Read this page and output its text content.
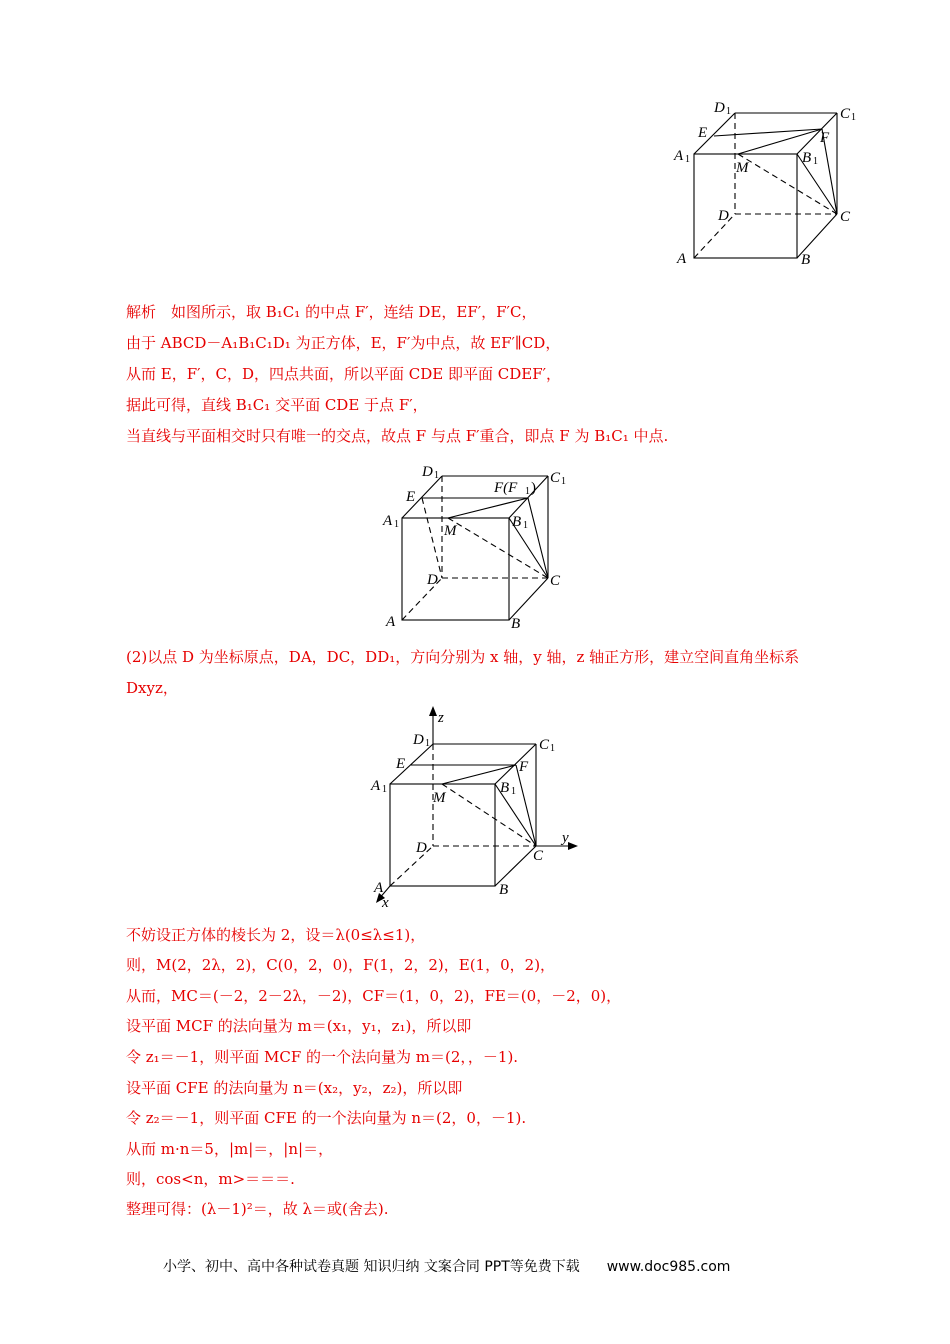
D 1	C 1
E	F
A 1
M
B 1
D	C
A	B
解析　如图所示，取 B₁C₁ 的中点 F′，连结 DE，EF′，F′C，
由于 ABCD－A₁B₁C₁D₁ 为正方体，E，F′为中点，故 EF′∥CD，
从而 E，F′，C，D，四点共面，所以平面 CDE 即平面 CDEF′，
据此可得，直线 B₁C₁ 交平面 CDE 于点 F′，
当直线与平面相交时只有唯一的交点，故点 F 与点 F′重合，即点 F 为 B₁C₁ 中点.
D 1	C 1
E
F(F 1 )
A 1	M
B 1
D	C
A	B
(2)以点 D 为坐标原点，DA，DC，DD₁，方向分别为 x 轴，y 轴，z 轴正方形，建立空间直角坐标系
Dxyz，
z
D 1	C 1
E	F
A 1
M
B 1
D
y
C
A
x
B
不妨设正方体的棱长为 2，设＝λ(0≤λ≤1)，
则，M(2，2λ，2)，C(0，2，0)，F(1，2，2)，E(1，0，2)，
从而，MC＝(－2，2－2λ，－2)，CF＝(1，0，2)，FE＝(0，－2，0)，
设平面 MCF 的法向量为 m＝(x₁，y₁，z₁)，所以即
令 z₁＝－1，则平面 MCF 的一个法向量为 m＝(2，，－1).
设平面 CFE 的法向量为 n＝(x₂，y₂，z₂)，所以即
令 z₂＝－1，则平面 CFE 的一个法向量为 n＝(2，0，－1).
从而 m·n＝5，|m|＝，|n|＝，
则，cos<n，m>＝＝＝.
整理可得：(λ－1)²＝，故 λ＝或(舍去).
小学、初中、高中各种试卷真题 知识归纳 文案合同 PPT等免费下载 www.doc985.com
